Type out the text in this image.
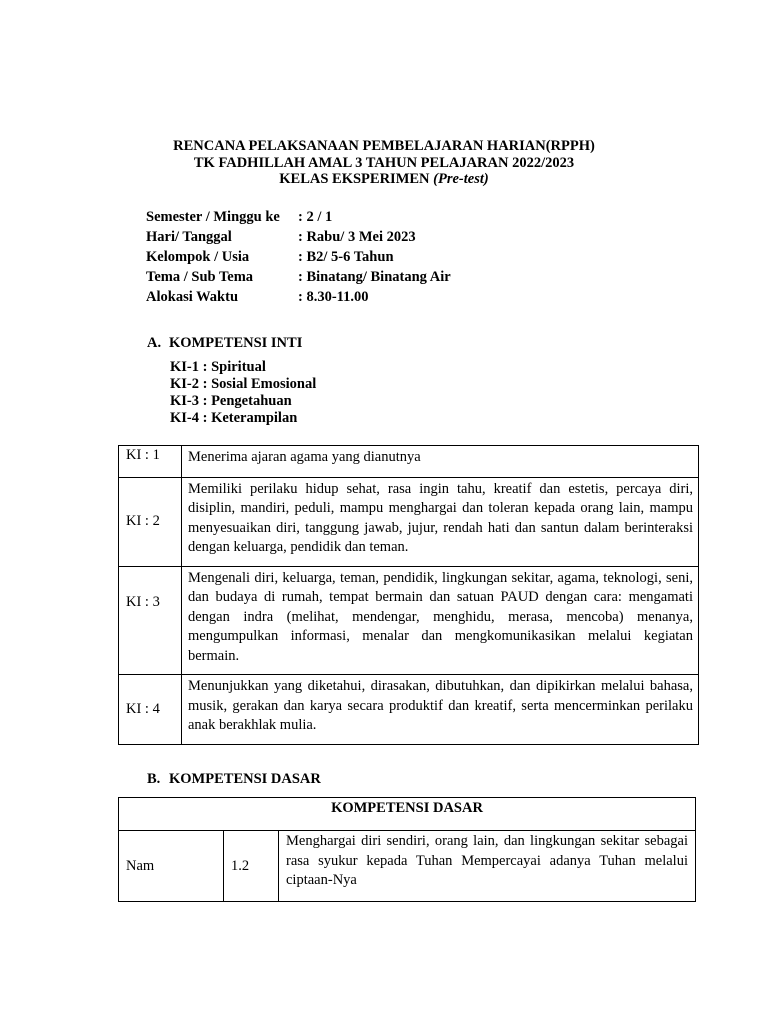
RENCANA PELAKSANAAN PEMBELAJARAN HARIAN(RPPH)
TK FADHILLAH AMAL 3 TAHUN PELAJARAN 2022/2023
KELAS EKSPERIMEN (Pre-test)
Semester / Minggu ke	: 2 / 1
Hari/ Tanggal	: Rabu/ 3 Mei 2023
Kelompok / Usia	: B2/ 5-6 Tahun
Tema / Sub Tema	: Binatang/ Binatang Air
Alokasi Waktu	: 8.30-11.00
A. KOMPETENSI INTI
KI-1 : Spiritual
KI-2 : Sosial Emosional
KI-3 : Pengetahuan
KI-4 : Keterampilan
KI : 1	Menerima ajaran agama yang dianutnya

KI : 2	Memiliki perilaku hidup sehat, rasa ingin tahu, kreatif dan estetis, percaya diri, disiplin, mandiri, peduli, mampu menghargai dan toleran kepada orang lain, mampu menyesuaikan diri, tanggung jawab, jujur, rendah hati dan santun dalam berinteraksi dengan keluarga, pendidik dan teman.

KI : 3	Mengenali diri, keluarga, teman, pendidik, lingkungan sekitar, agama, teknologi, seni, dan budaya di rumah, tempat bermain dan satuan PAUD dengan cara: mengamati dengan indra (melihat, mendengar, menghidu, merasa, mencoba) menanya, mengumpulkan informasi, menalar dan mengkomunikasikan melalui kegiatan bermain.

KI : 4	Menunjukkan yang diketahui, dirasakan, dibutuhkan, dan dipikirkan melalui bahasa, musik, gerakan dan karya secara produktif dan kreatif, serta mencerminkan perilaku anak berakhlak mulia.
B. KOMPETENSI DASAR
KOMPETENSI DASAR
Nam	1.2	Menghargai diri sendiri, orang lain, dan lingkungan sekitar sebagai rasa syukur kepada Tuhan Mempercayai adanya Tuhan melalui ciptaan-Nya
